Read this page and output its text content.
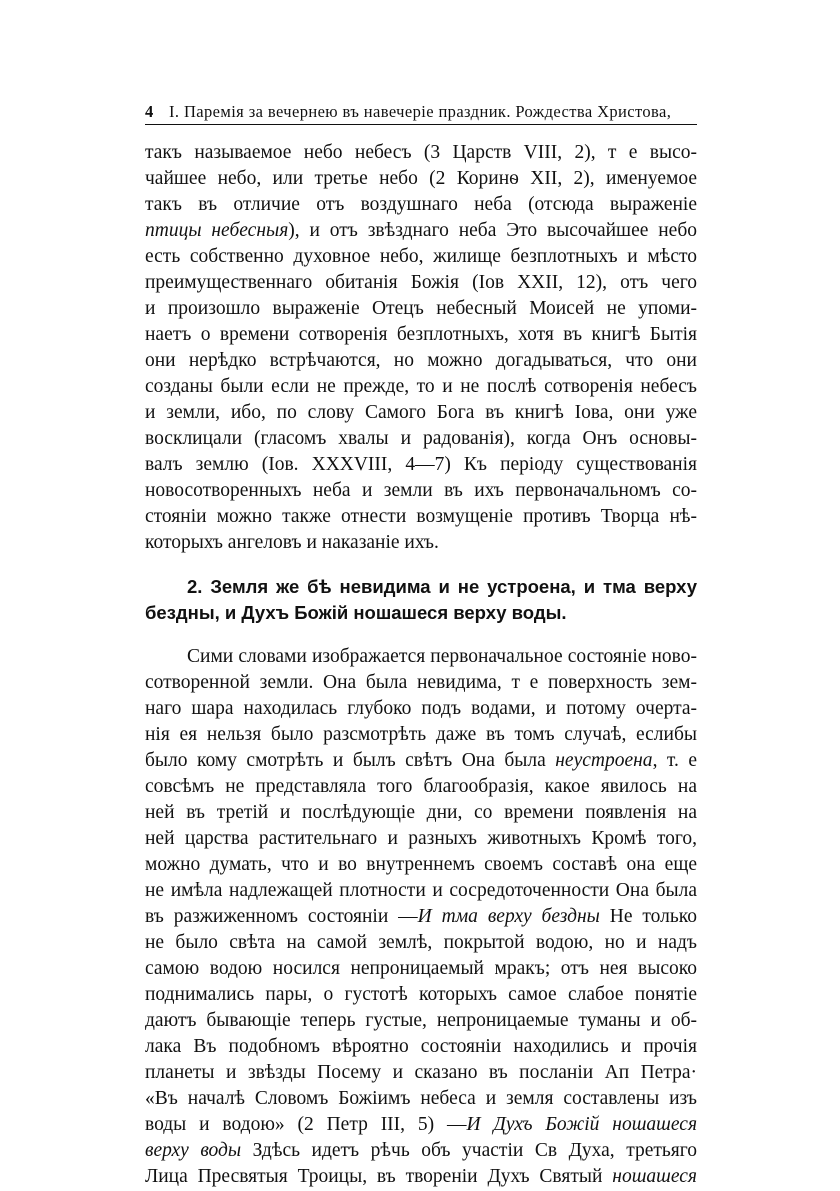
4 I. Паремiя за вечернею въ навечерiе праздник. Рождества Христова,
такъ называемое небо небесъ (3 Царств VIII, 2), т е высо-
чайшее небо, или третье небо (2 Коринѳ XII, 2), именуемое
такъ въ отличие отъ воздушнаго неба (отсюда выраженiе
птицы небесныя), и отъ звѣзднаго неба Это высочайшее небо
есть собственно духовное небо, жилище безплотныхъ и мѣсто
преимущественнаго обитанiя Божiя (Іов XXII, 12), отъ чего
и произошло выраженiе Отецъ небесный Моисей не упоми-
наетъ о времени сотворенiя безплотныхъ, хотя въ книгѣ Бытiя
они нерѣдко встрѣчаются, но можно догадываться, что они
созданы были если не прежде, то и не послѣ сотворенiя небесъ
и земли, ибо, по слову Самого Бога въ книгѣ Іова, они уже
восклицали (гласомъ хвалы и радованiя), когда Онъ основы-
валъ землю (Іов. XXXVIII, 4—7) Къ перiоду существованiя
новосотворенныхъ неба и земли въ ихъ первоначальномъ со-
стоянiи можно также отнести возмущенiе противъ Творца нѣ-
которыхъ ангеловъ и наказанiе ихъ.
2. Земля же бѣ невидима и не устроена, и тма верху
бездны, и Духъ Божiй ношашеся верху воды.
Сими словами изображается первоначальное состоянiе ново-
сотворенной земли. Она была невидима, т е поверхность зем-
наго шара находилась глубоко подъ водами, и потому очерта-
нiя ея нельзя было разсмотрѣть даже въ томъ случаѣ, еслибы
было кому смотрѣть и былъ свѣтъ Она была неустроена, т. е
совсѣмъ не представляла того благообразiя, какое явилось на
ней въ третiй и послѣдующiе дни, со времени появленiя на
ней царства растительнаго и разныхъ животныхъ Кромѣ того,
можно думать, что и во внутреннемъ своемъ составѣ она еще
не имѣла надлежащей плотности и сосредоточенности Она была
въ разжиженномъ состоянiи —И тма верху бездны Не только
не было свѣта на самой землѣ, покрытой водою, но и надъ
самою водою носился непроницаемый мракъ; отъ нея высоко
поднимались пары, о густотѣ которыхъ самое слабое понятiе
даютъ бывающiе теперь густые, непроницаемые туманы и об-
лака Въ подобномъ вѣроятно состоянiи находились и прочiя
планеты и звѣзды Посему и сказано въ посланiи Ап Петра·
«Въ началѣ Словомъ Божiимъ небеса и земля составлены изъ
воды и водою» (2 Петр III, 5) —И Духъ Божiй ношашеся
верху воды Здѣсь идетъ рѣчь объ участiи Св Духа, третьяго
Лица Пресвятыя Троицы, въ творенiи Духъ Святый ношашеся
